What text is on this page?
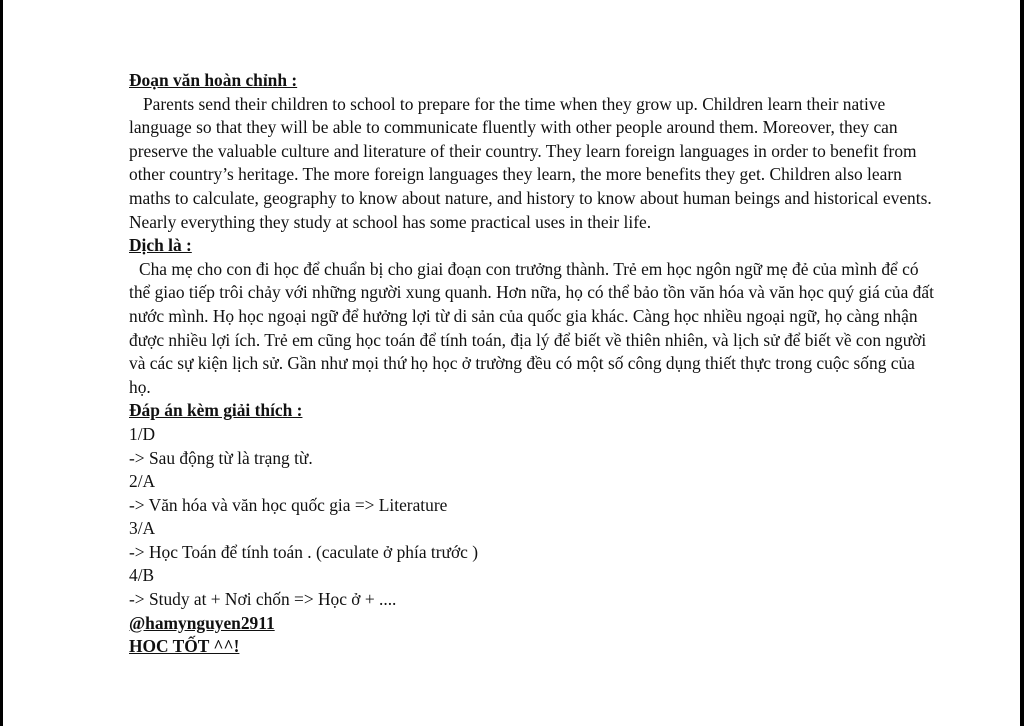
Đoạn văn hoàn chỉnh :

Parents send their children to school to prepare for the time when they grow up. Children learn their native language so that they will be able to communicate fluently with other people around them. Moreover, they can preserve the valuable culture and literature of their country. They learn foreign languages in order to benefit from other country’s heritage. The more foreign languages they learn, the more benefits they get. Children also learn maths to calculate, geography to know about nature, and history to know about human beings and historical events. Nearly everything they study at school has some practical uses in their life.

Dịch là :

Cha mẹ cho con đi học để chuẩn bị cho giai đoạn con trưởng thành. Trẻ em học ngôn ngữ mẹ đẻ của mình để có thể giao tiếp trôi chảy với những người xung quanh. Hơn nữa, họ có thể bảo tồn văn hóa và văn học quý giá của đất nước mình. Họ học ngoại ngữ để hưởng lợi từ di sản của quốc gia khác. Càng học nhiều ngoại ngữ, họ càng nhận được nhiều lợi ích. Trẻ em cũng học toán để tính toán, địa lý để biết về thiên nhiên, và lịch sử để biết về con người và các sự kiện lịch sử. Gần như mọi thứ họ học ở trường đều có một số công dụng thiết thực trong cuộc sống của họ.

Đáp án kèm giải thích :
1/D
-> Sau động từ là trạng từ.
2/A
-> Văn hóa và văn học quốc gia => Literature
3/A
-> Học Toán để tính toán . (caculate ở phía trước )
4/B
-> Study at + Nơi chốn => Học ở + ....
@hamynguyen2911
HOC TỐT ^^!
